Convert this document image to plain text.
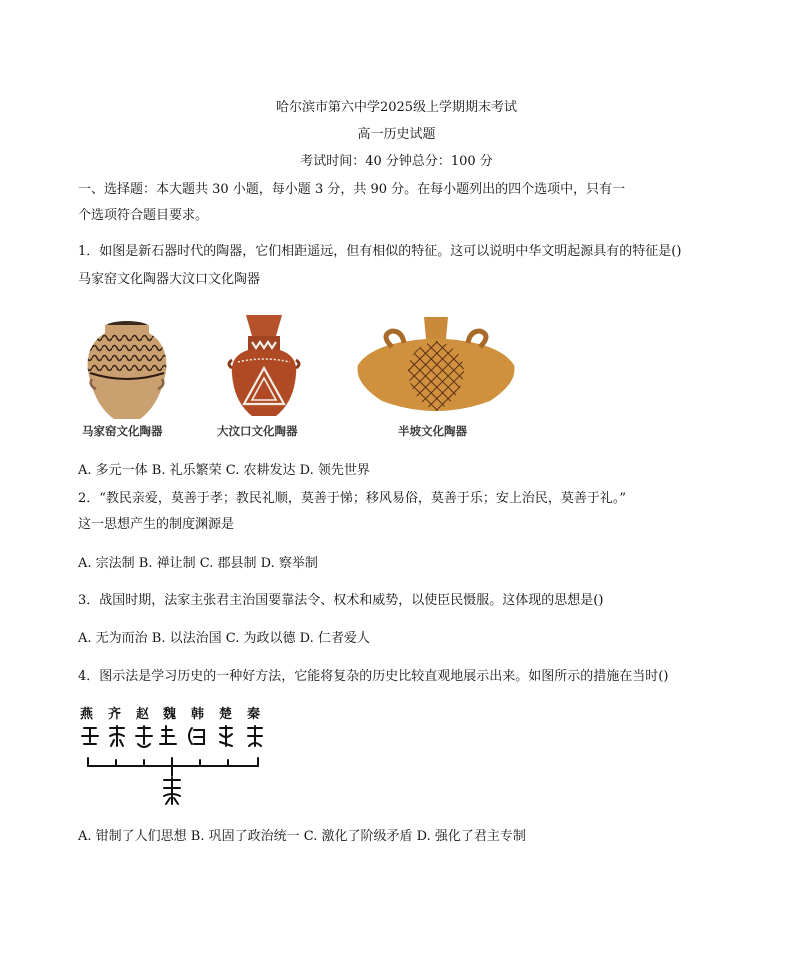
哈尔滨市第六中学2025级上学期期末考试
高一历史试题
考试时间：40 分钟总分：100 分
一、选择题：本大题共 30 小题，每小题 3 分，共 90 分。在每小题列出的四个选项中，只有一
个选项符合题目要求。
1．如图是新石器时代的陶器，它们相距遥远，但有相似的特征。这可以说明中华文明起源具有的特征是()
马家窑文化陶器大汶口文化陶器
马家窑文化陶器	大汶口文化陶器	半坡文化陶器
A. 多元一体 B. 礼乐繁荣 C. 农耕发达 D. 领先世界
2．“教民亲爱，莫善于孝；教民礼顺，莫善于悌；移风易俗，莫善于乐；安上治民，莫善于礼。”
这一思想产生的制度渊源是
A. 宗法制 B. 禅让制 C. 郡县制 D. 察举制
3．战国时期，法家主张君主治国要靠法令、权术和威势，以使臣民慑服。这体现的思想是()
A. 无为而治 B. 以法治国 C. 为政以德 D. 仁者爱人
4．图示法是学习历史的一种好方法，它能将复杂的历史比较直观地展示出来。如图所示的措施在当时()
燕 齐 赵 魏 韩 楚 秦
A. 钳制了人们思想 B. 巩固了政治统一 C. 激化了阶级矛盾 D. 强化了君主专制
